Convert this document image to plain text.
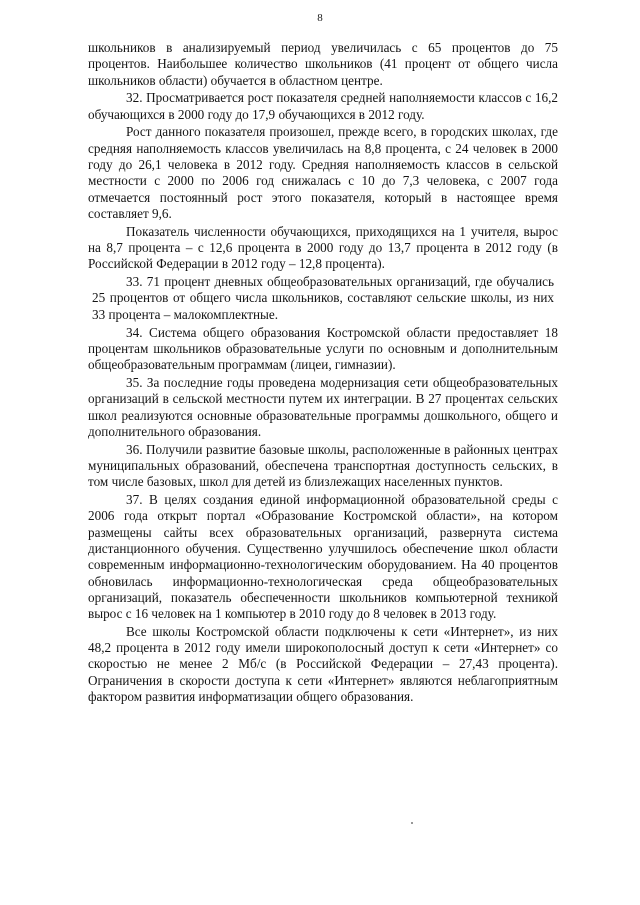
8

школьников в анализируемый период увеличилась с 65 процентов до 75 процентов. Наибольшее количество школьников (41 процент от общего числа школьников области) обучается в областном центре.

32. Просматривается рост показателя средней наполняемости классов с 16,2 обучающихся в 2000 году до 17,9 обучающихся в 2012 году.

Рост данного показателя произошел, прежде всего, в городских школах, где средняя наполняемость классов увеличилась на 8,8 процента, с 24 человек в 2000 году до 26,1 человека в 2012 году. Средняя наполняемость классов в сельской местности с 2000 по 2006 год снижалась с 10 до 7,3 человека, с 2007 года отмечается постоянный рост этого показателя, который в настоящее время составляет 9,6.

Показатель численности обучающихся, приходящихся на 1 учителя, вырос на 8,7 процента – с 12,6 процента в 2000 году до 13,7 процента в 2012 году (в Российской Федерации в 2012 году – 12,8 процента).

33. 71 процент дневных общеобразовательных организаций, где обучались 25 процентов от общего числа школьников, составляют сельские школы, из них 33 процента – малокомплектные.

34. Система общего образования Костромской области предоставляет 18 процентам школьников образовательные услуги по основным и дополнительным общеобразовательным программам (лицеи, гимназии).

35. За последние годы проведена модернизация сети общеобразовательных организаций в сельской местности путем их интеграции. В 27 процентах сельских школ реализуются основные образовательные программы дошкольного, общего и дополнительного образования.

36. Получили развитие базовые школы, расположенные в районных центрах муниципальных образований, обеспечена транспортная доступность сельских, в том числе базовых, школ для детей из близлежащих населенных пунктов.

37. В целях создания единой информационной образовательной среды с 2006 года открыт портал «Образование Костромской области», на котором размещены сайты всех образовательных организаций, развернута система дистанционного обучения. Существенно улучшилось обеспечение школ области современным информационно-технологическим оборудованием. На 40 процентов обновилась информационно-технологическая среда общеобразовательных организаций, показатель обеспеченности школьников компьютерной техникой вырос с 16 человек на 1 компьютер в 2010 году до 8 человек в 2013 году.

Все школы Костромской области подключены к сети «Интернет», из них 48,2 процента в 2012 году имели широкополосный доступ к сети «Интернет» со скоростью не менее 2 Мб/с (в Российской Федерации – 27,43 процента). Ограничения в скорости доступа к сети «Интернет» являются неблагоприятным фактором развития информатизации общего образования.
